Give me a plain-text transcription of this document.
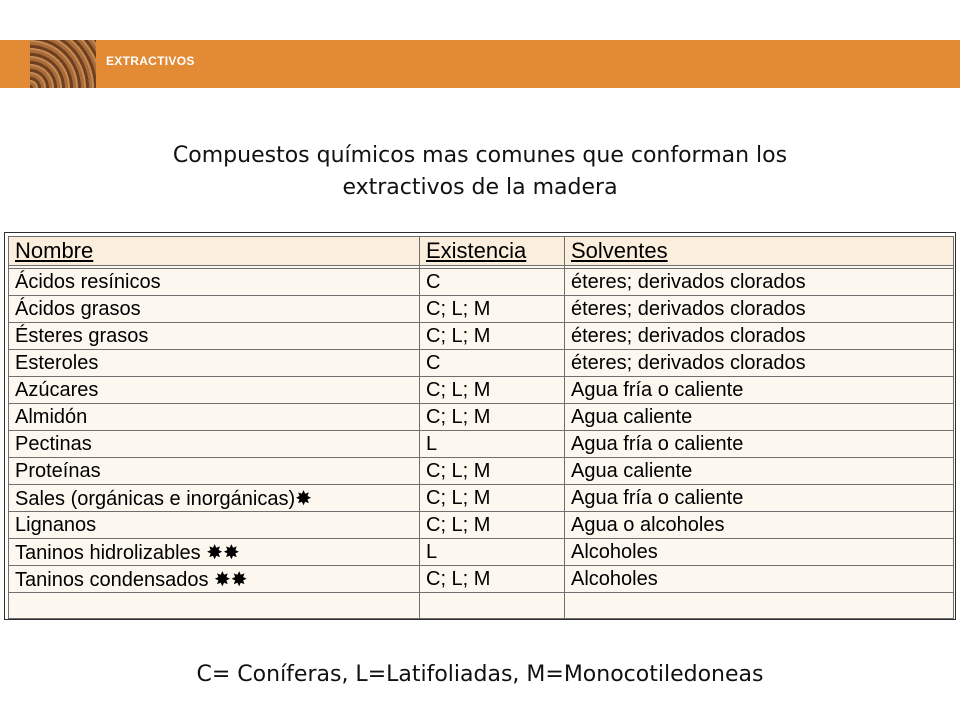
EXTRACTIVOS
Compuestos químicos mas comunes que conforman los
extractivos de la madera
Nombre	Existencia	Solventes

Ácidos resínicos	C	éteres; derivados clorados
Ácidos grasos	C; L; M	éteres; derivados clorados
Ésteres grasos	C; L; M	éteres; derivados clorados
Esteroles	C	éteres; derivados clorados
Azúcares	C; L; M	Agua fría o caliente
Almidón	C; L; M	Agua caliente
Pectinas	L	Agua fría o caliente
Proteínas	C; L; M	Agua caliente
Sales (orgánicas e inorgánicas)✸	C; L; M	Agua fría o caliente
Lignanos	C; L; M	Agua o alcoholes
Taninos hidrolizables ✸✸	L	Alcoholes
Taninos condensados ✸✸	C; L; M	Alcoholes

C= Coníferas, L=Latifoliadas, M=Monocotiledoneas
